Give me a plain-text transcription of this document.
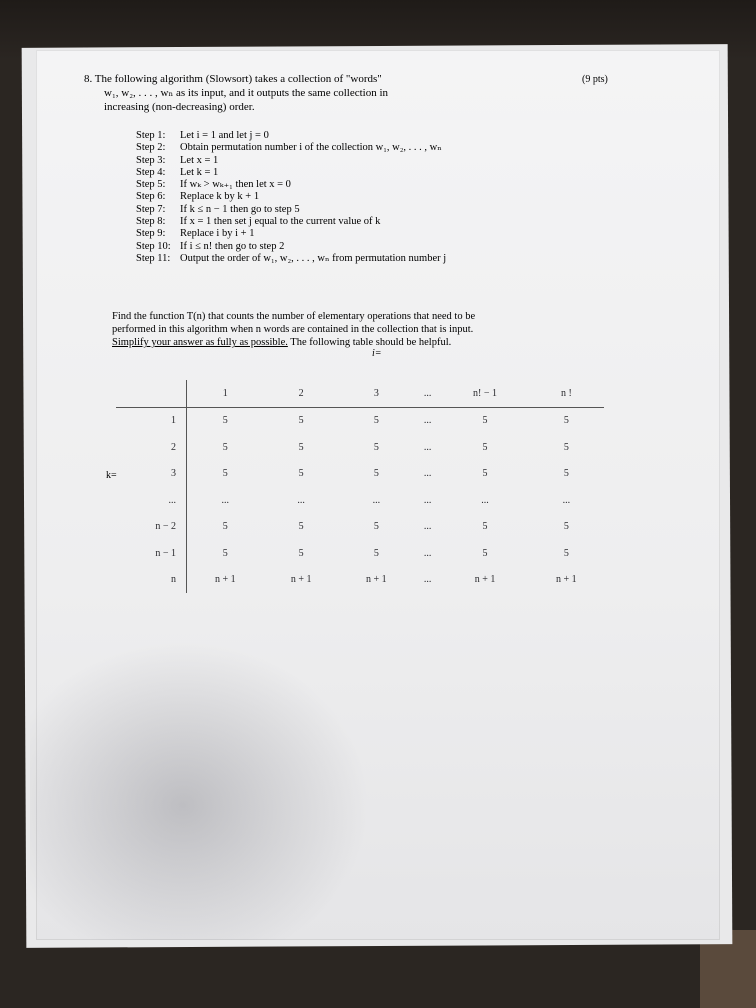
8. The following algorithm (Slowsort) takes a collection of "words"
w₁, w₂, . . . , wₙ as its input, and it outputs the same collection in
increasing (non-decreasing) order.
(9 pts)
Step 1:	Let i = 1 and let j = 0
Step 2:	Obtain permutation number i of the collection w₁, w₂, . . . , wₙ
Step 3:	Let x = 1
Step 4:	Let k = 1
Step 5:	If wₖ > wₖ₊₁ then let x = 0
Step 6:	Replace k by k + 1
Step 7:	If k ≤ n − 1 then go to step 5
Step 8:	If x = 1 then set j equal to the current value of k
Step 9:	Replace i by i + 1
Step 10: If i ≤ n! then go to step 2
Step 11: Output the order of w₁, w₂, . . . , wₙ from permutation number j
Find the function T(n) that counts the number of elementary operations that need to be
performed in this algorithm when n words are contained in the collection that is input.
Simplify your answer as fully as possible. The following table should be helpful.
i=
k=
	1	2	3	...	n! − 1	n !
1	5	5	5	...	5	5
2	5	5	5	...	5	5
3	5	5	5	...	5	5
...	...	...	...	...	...	...
n − 2	5	5	5	...	5	5
n − 1	5	5	5	...	5	5
n	n + 1	n + 1	n + 1	...	n + 1	n + 1
